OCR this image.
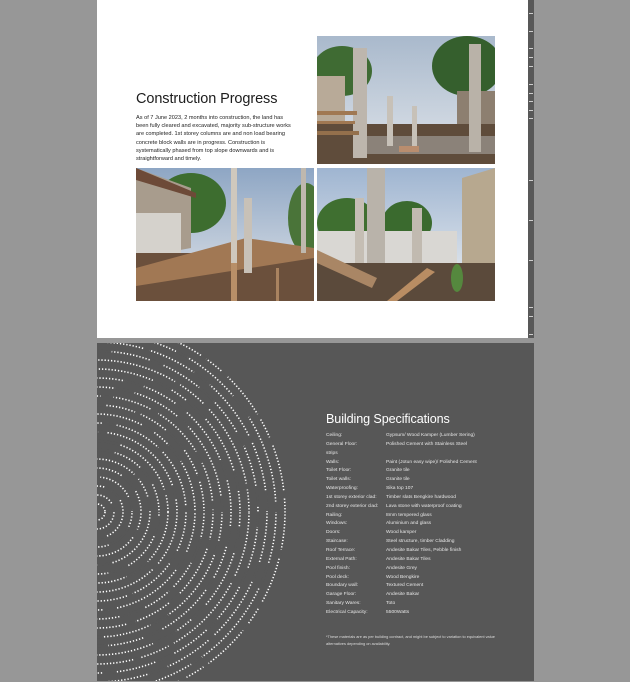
Construction Progress
As of 7 June 2023, 2 months into construction, the land has been fully cleared and excavated, majority sub-structure works are completed. 1st storey columns are and non load bearing concrete block walls are in progress. Construction is systematically phased from top slope downwards and is straightforward and timely.
Building Specifications
Ceiling:	Gypsum/ Wood Kamper (Lumber Sering)
General Floor:	Polished Cement with Stainless Steel
strips
Walls:	Paint (Jotun easy wipe)/ Polished Cement
Toilet Floor:	Granite tile
Toilet walls:	Granite tile
Waterproofing:	Sika top 107
1st storey exterior clad:	Timber slats Bengkire hardwood
2nd storey exterior clad:	Lava stone with waterproof coating
Railing:	8mm tempered glass
Windows:	Aluminium and glass
Doors:	Wood kamper
Staircase:	Steel structure, timber Cladding
Roof Terrace:	Andesite Bakar Tiles, Pebble finish
External Path:	Andesite Bakar Tiles
Pool finish:	Andesite Grey
Pool deck:	Wood Bengkire
Boundary wall:	Textured Cement
Garage Floor:	Andesite Bakar
Sanitary Wares:	Toto
Electrical Capacity:	5500Watts
*These materials are as per building contract, and might be subject to variation to equivalent value alternatives depending on availability.
